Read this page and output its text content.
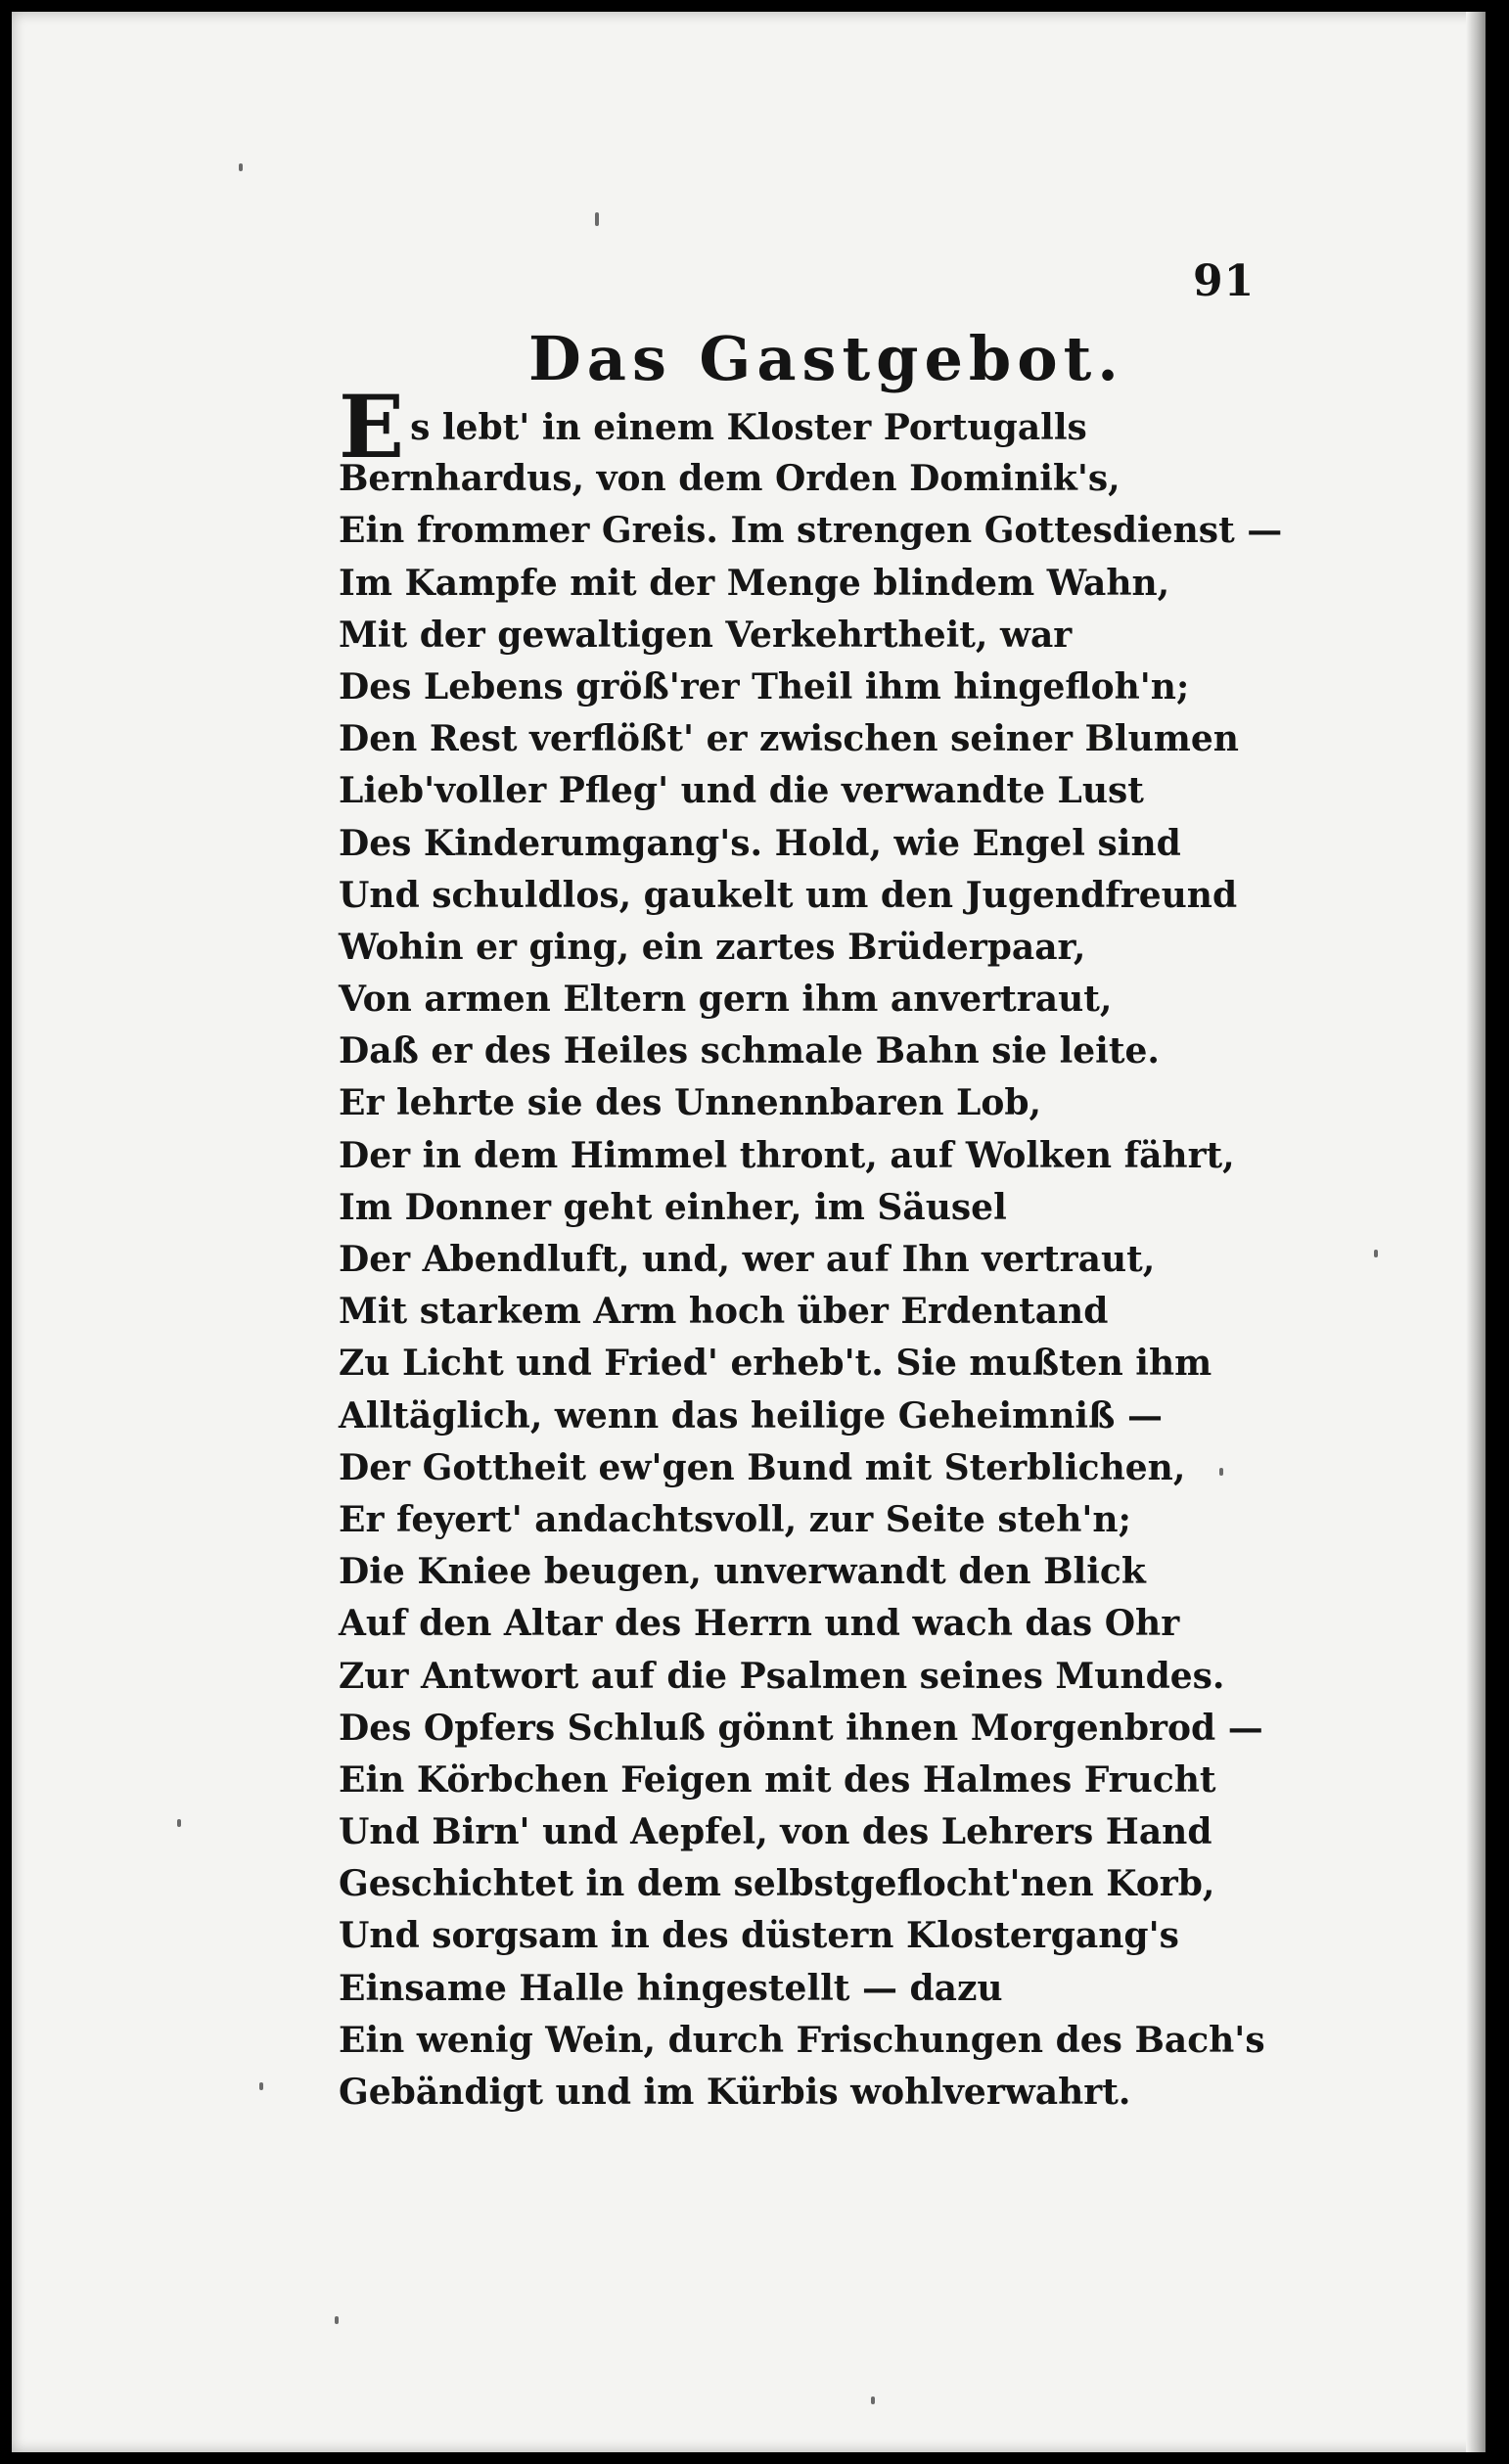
91
Das Gastgebot.
Es lebt' in einem Kloster Portugalls
Bernhardus, von dem Orden Dominik's,
Ein frommer Greis. Im strengen Gottesdienst —
Im Kampfe mit der Menge blindem Wahn,
Mit der gewaltigen Verkehrtheit, war
Des Lebens größ'rer Theil ihm hingefloh'n;
Den Rest verflößt' er zwischen seiner Blumen
Lieb'voller Pfleg' und die verwandte Lust
Des Kinderumgang's. Hold, wie Engel sind
Und schuldlos, gaukelt um den Jugendfreund
Wohin er ging, ein zartes Brüderpaar,
Von armen Eltern gern ihm anvertraut,
Daß er des Heiles schmale Bahn sie leite.
Er lehrte sie des Unnennbaren Lob,
Der in dem Himmel thront, auf Wolken fährt,
Im Donner geht einher, im Säusel
Der Abendluft, und, wer auf Ihn vertraut,
Mit starkem Arm hoch über Erdentand
Zu Licht und Fried' erheb't. Sie mußten ihm
Alltäglich, wenn das heilige Geheimniß —
Der Gottheit ew'gen Bund mit Sterblichen,
Er feyert' andachtsvoll, zur Seite steh'n;
Die Kniee beugen, unverwandt den Blick
Auf den Altar des Herrn und wach das Ohr
Zur Antwort auf die Psalmen seines Mundes.
Des Opfers Schluß gönnt ihnen Morgenbrod —
Ein Körbchen Feigen mit des Halmes Frucht
Und Birn' und Aepfel, von des Lehrers Hand
Geschichtet in dem selbstgeflocht'nen Korb,
Und sorgsam in des düstern Klostergang's
Einsame Halle hingestellt — dazu
Ein wenig Wein, durch Frischungen des Bach's
Gebändigt und im Kürbis wohlverwahrt.
